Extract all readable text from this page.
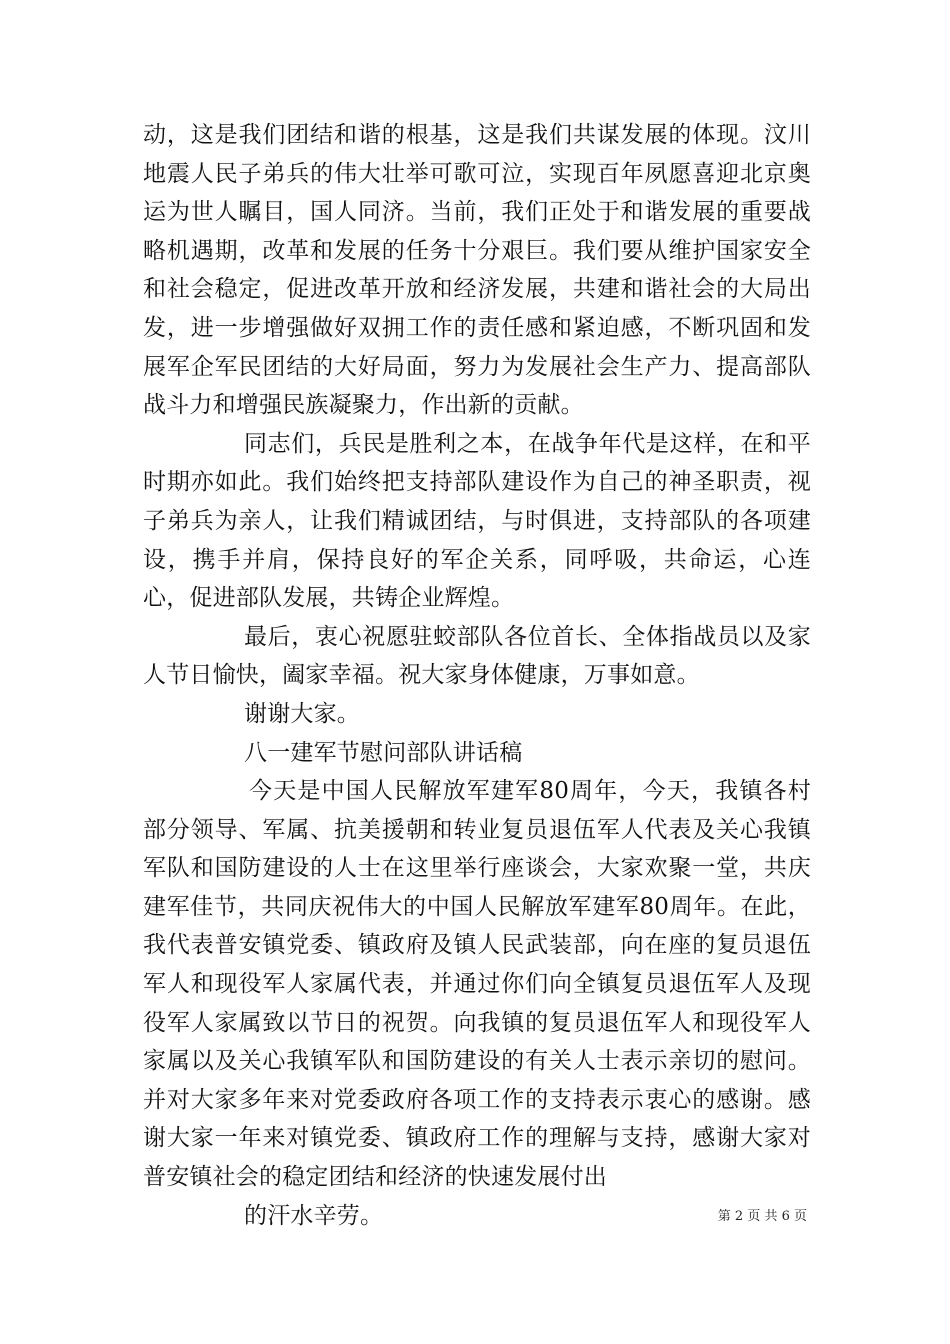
动，这是我们团结和谐的根基，这是我们共谋发展的体现。汶川地震人民子弟兵的伟大壮举可歌可泣，实现百年夙愿喜迎北京奥运为世人瞩目，国人同济。当前，我们正处于和谐发展的重要战略机遇期，改革和发展的任务十分艰巨。我们要从维护国家安全和社会稳定，促进改革开放和经济发展，共建和谐社会的大局出发，进一步增强做好双拥工作的责任感和紧迫感，不断巩固和发展军企军民团结的大好局面，努力为发展社会生产力、提高部队战斗力和增强民族凝聚力，作出新的贡献。

同志们，兵民是胜利之本，在战争年代是这样，在和平时期亦如此。我们始终把支持部队建设作为自己的神圣职责，视子弟兵为亲人，让我们精诚团结，与时俱进，支持部队的各项建设，携手并肩，保持良好的军企关系，同呼吸，共命运，心连心，促进部队发展，共铸企业辉煌。

最后，衷心祝愿驻蛟部队各位首长、全体指战员以及家人节日愉快，阖家幸福。祝大家身体健康，万事如意。

谢谢大家。

八一建军节慰问部队讲话稿

今天是中国人民解放军建军80周年，今天，我镇各村部分领导、军属、抗美援朝和转业复员退伍军人代表及关心我镇军队和国防建设的人士在这里举行座谈会，大家欢聚一堂，共庆建军佳节，共同庆祝伟大的中国人民解放军建军80周年。在此，我代表普安镇党委、镇政府及镇人民武装部，向在座的复员退伍军人和现役军人家属代表，并通过你们向全镇复员退伍军人及现役军人家属致以节日的祝贺。向我镇的复员退伍军人和现役军人家属以及关心我镇军队和国防建设的有关人士表示亲切的慰问。并对大家多年来对党委政府各项工作的支持表示衷心的感谢。感谢大家一年来对镇党委、镇政府工作的理解与支持，感谢大家对普安镇社会的稳定团结和经济的快速发展付出

的汗水辛劳。	第 2 页 共 6 页
